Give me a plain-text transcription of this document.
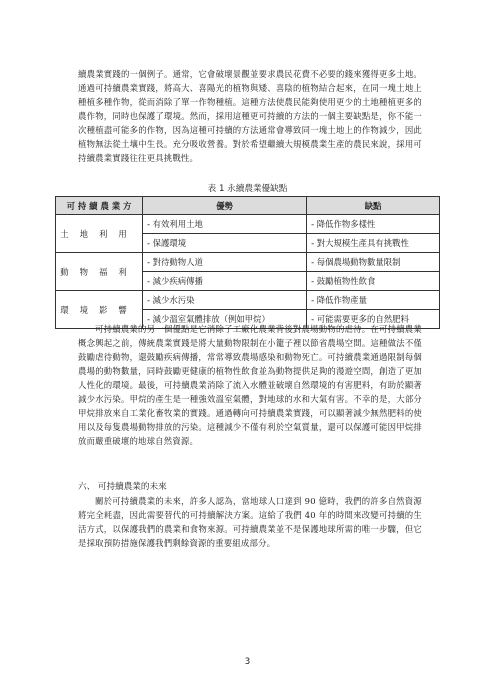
續農業實踐的一個例子。通常，它會破壞景觀並要求農民花費不必要的錢來獲得更多土地。通過可持續農業實踐，將高大、喜陽光的植物與矮、喜陰的植物結合起來，在同一塊土地上種植多種作物，從而消除了單一作物種植。這種方法使農民能夠使用更少的土地種植更多的農作物，同時也保護了環境。然而，採用這種更可持續的方法的一個主要缺點是，你不能一次種植盡可能多的作物，因為這種可持續的方法通常會導致同一塊土地上的作物減少，因此植物無法從土壤中生長。充分吸收營養。對於希望繼續大規模農業生產的農民來說，採用可持續農業實踐往往更具挑戰性。

表 1 永續農業優缺點

可 持 續 農 業 方	優勢	缺點
土地利用	- 有效利用土地	- 降低作物多樣性
	- 保護環境	- 對大規模生產具有挑戰性
動物福利	- 對待動物人道	- 每個農場動物數量限制
	- 減少疾病傳播	- 鼓勵植物性飲食
環境影響	- 減少水污染	- 降低作物產量
	- 減少溫室氣體排放（例如甲烷）	- 可能需要更多的自然肥料

可持續農業的另一個優點是它消除了工廠化農業背後對農場動物的虐待。在可持續農業概念興起之前，傳統農業實踐是將大量動物限制在小籠子裡以節省農場空間。這種做法不僅鼓勵虐待動物，還鼓勵疾病傳播，常常導致農場感染和動物死亡。可持續農業通過限制每個農場的動物數量，同時鼓勵更健康的植物性飲食並為動物提供足夠的漫遊空間，創造了更加人性化的環境。最後，可持續農業消除了流入水體並破壞自然環境的有害肥料，有助於顯著減少水污染。甲烷的產生是一種強效溫室氣體，對地球的水和大氣有害。不幸的是，大部分甲烷排放來自工業化畜牧業的實踐。通過轉向可持續農業實踐，可以顯著減少無然肥料的使用以及每隻農場動物排放的污染。這種減少不僅有利於空氣質量，還可以保護可能因甲烷排放而嚴重破壞的地球自然資源。

六、 可持續農業的未來

關於可持續農業的未來，許多人認為，當地球人口達到 90 億時，我們的許多自然資源將完全耗盡，因此需要替代的可持續解決方案。這給了我們 40 年的時間來改變可持續的生活方式，以保護我們的農業和食物來源。可持續農業並不是保護地球所需的唯一步驟，但它是採取預防措施保護我們剩餘資源的重要組成部分。

3
